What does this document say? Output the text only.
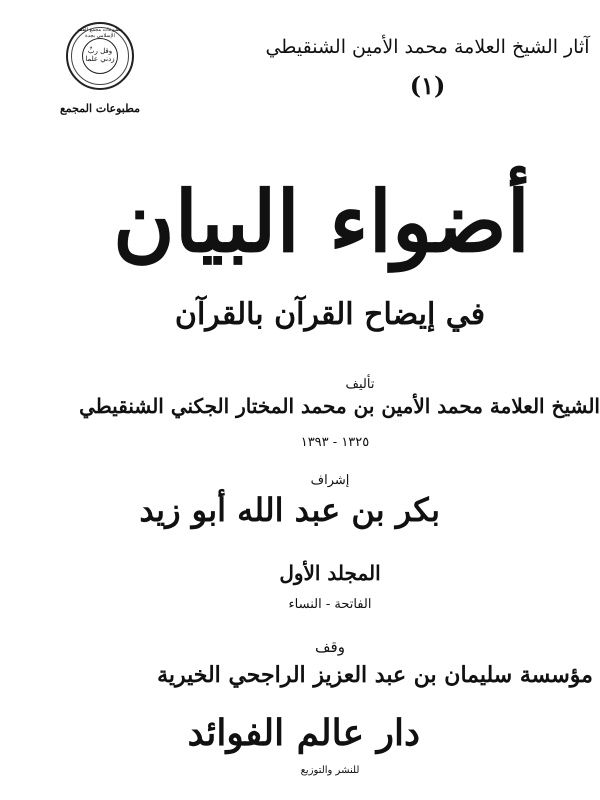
مطبوعات مجمع الفقه الإسلامي بجدة
وقل ربِّ زدني علما
مطبوعات المجمع
آثار الشيخ العلامة محمد الأمين الشنقيطي
(١)
أضواء البيان
في إيضاح القرآن بالقرآن
تأليف
الشيخ العلامة محمد الأمين بن محمد المختار الجكني الشنقيطي
١٣٢٥ - ١٣٩٣
إشراف
بكر بن عبد الله أبو زيد
المجلد الأول
الفاتحة - النساء
وقف
مؤسسة سليمان بن عبد العزيز الراجحي الخيرية
دار عالم الفوائد
للنشر والتوزيع
